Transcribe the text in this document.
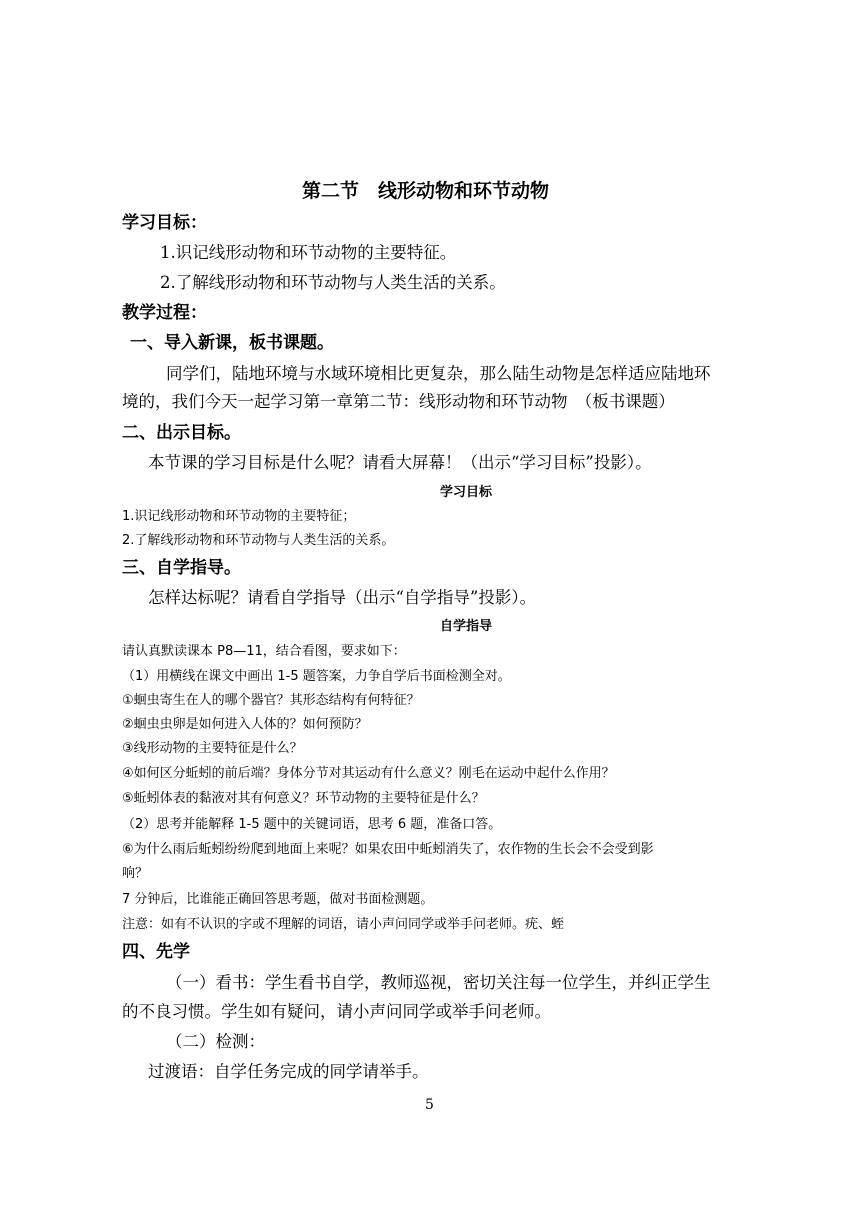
第二节　线形动物和环节动物
学习目标：
1.识记线形动物和环节动物的主要特征。
2.了解线形动物和环节动物与人类生活的关系。
教学过程：
一、导入新课，板书课题。
同学们，陆地环境与水域环境相比更复杂，那么陆生动物是怎样适应陆地环
境的，我们今天一起学习第一章第二节：线形动物和环节动物　（板书课题）
二、出示目标。
本节课的学习目标是什么呢？请看大屏幕！（出示“学习目标”投影）。
学习目标
1.识记线形动物和环节动物的主要特征；
2.了解线形动物和环节动物与人类生活的关系。
三、自学指导。
怎样达标呢？请看自学指导（出示“自学指导”投影）。
自学指导
请认真默读课本 P8—11，结合看图，要求如下：
（1）用横线在课文中画出 1-5 题答案，力争自学后书面检测全对。
①蛔虫寄生在人的哪个器官？其形态结构有何特征？
②蛔虫虫卵是如何进入人体的？如何预防？
③线形动物的主要特征是什么？
④如何区分蚯蚓的前后端？身体分节对其运动有什么意义？刚毛在运动中起什么作用？
⑤蚯蚓体表的黏液对其有何意义？环节动物的主要特征是什么？
（2）思考并能解释 1-5 题中的关键词语，思考 6 题，准备口答。
⑥为什么雨后蚯蚓纷纷爬到地面上来呢？如果农田中蚯蚓消失了，农作物的生长会不会受到影
响？
7 分钟后，比谁能正确回答思考题，做对书面检测题。
注意：如有不认识的字或不理解的词语，请小声问同学或举手问老师。疣、蛭
四、先学
（一）看书：学生看书自学，教师巡视，密切关注每一位学生，并纠正学生
的不良习惯。学生如有疑问，请小声问同学或举手问老师。
（二）检测：
过渡语：自学任务完成的同学请举手。
5
